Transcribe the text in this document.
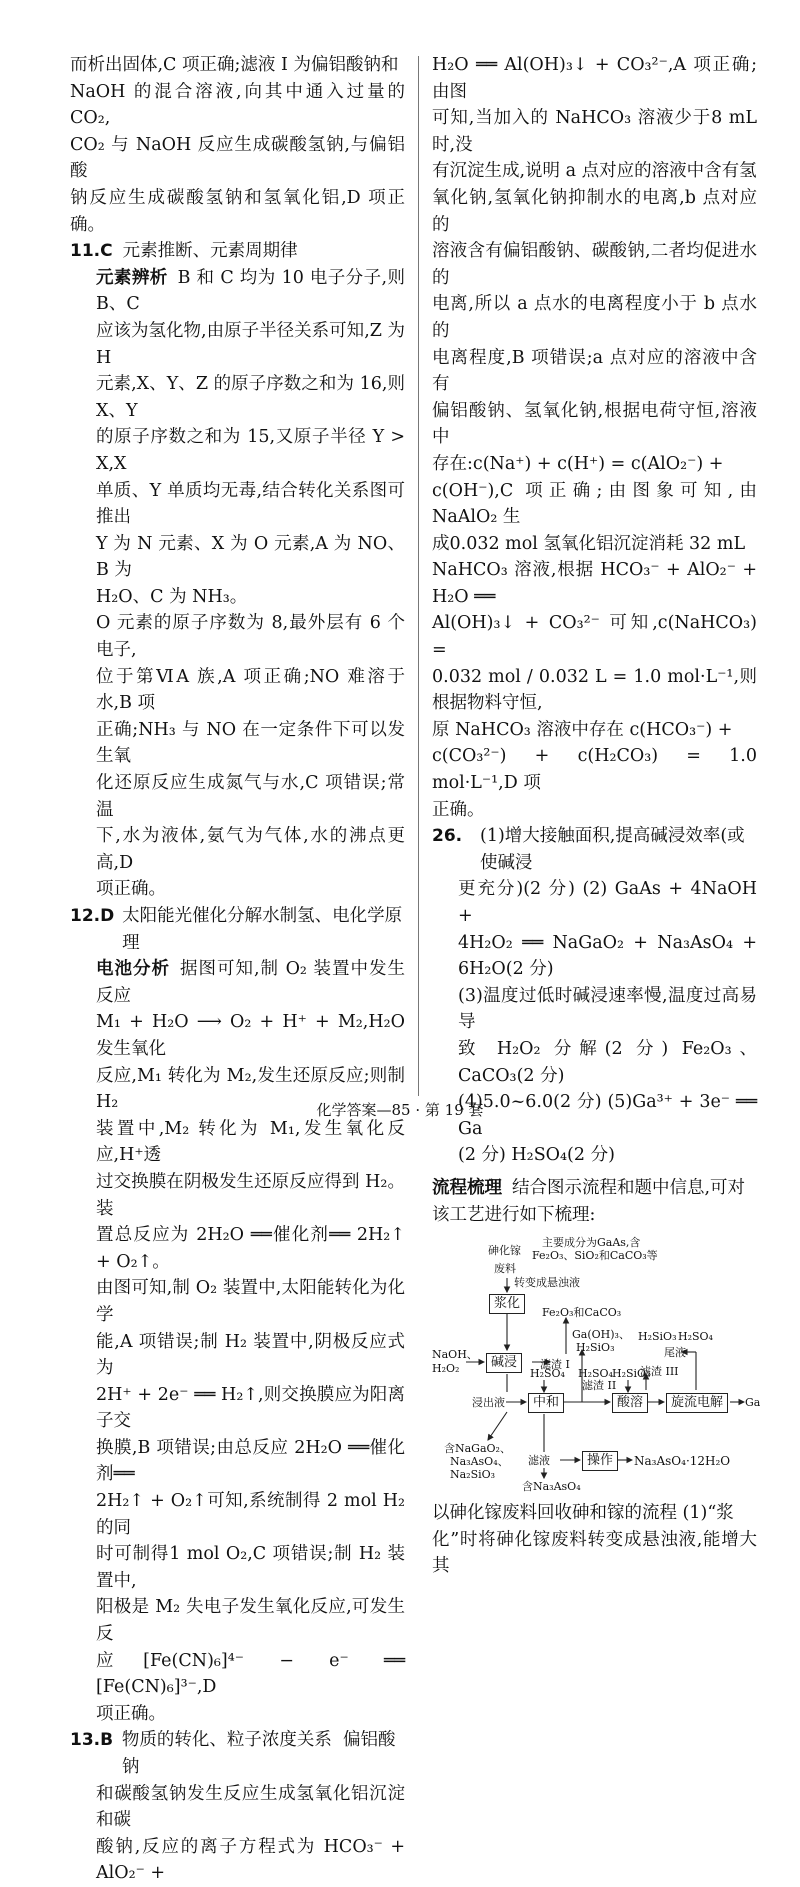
而析出固体,C 项正确;滤液 I 为偏铝酸钠和

NaOH 的混合溶液,向其中通入过量的 CO₂,

CO₂ 与 NaOH 反应生成碳酸氢钠,与偏铝酸

钠反应生成碳酸氢钠和氢氧化铝,D 项正确。

11.C 元素推断、元素周期律

元素辨析 B 和 C 均为 10 电子分子,则 B、C

应该为氢化物,由原子半径关系可知,Z 为 H

元素,X、Y、Z 的原子序数之和为 16,则 X、Y

的原子序数之和为 15,又原子半径 Y > X,X

单质、Y 单质均无毒,结合转化关系图可推出

Y 为 N 元素、X 为 O 元素,A 为 NO、B 为

H₂O、C 为 NH₃。

O 元素的原子序数为 8,最外层有 6 个电子,

位于第ⅥA 族,A 项正确;NO 难溶于水,B 项

正确;NH₃ 与 NO 在一定条件下可以发生氧

化还原反应生成氮气与水,C 项错误;常温

下,水为液体,氨气为气体,水的沸点更高,D

项正确。

12.D 太阳能光催化分解水制氢、电化学原理

电池分析 据图可知,制 O₂ 装置中发生反应

M₁ + H₂O ⟶ O₂ + H⁺ + M₂,H₂O 发生氧化

反应,M₁ 转化为 M₂,发生还原反应;则制 H₂

装置中,M₂ 转化为 M₁,发生氧化反应,H⁺透

过交换膜在阴极发生还原反应得到 H₂。装

置总反应为 2H₂O ══催化剂══ 2H₂↑ + O₂↑。

由图可知,制 O₂ 装置中,太阳能转化为化学

能,A 项错误;制 H₂ 装置中,阴极反应式为

2H⁺ + 2e⁻ ══ H₂↑,则交换膜应为阳离子交

换膜,B 项错误;由总反应 2H₂O ══催化剂══

2H₂↑ + O₂↑可知,系统制得 2 mol H₂ 的同

时可制得1 mol O₂,C 项错误;制 H₂ 装置中,

阳极是 M₂ 失电子发生氧化反应,可发生反

应[Fe(CN)₆]⁴⁻ − e⁻ ══ [Fe(CN)₆]³⁻,D

项正确。

13.B 物质的转化、粒子浓度关系 偏铝酸钠

和碳酸氢钠发生反应生成氢氧化铝沉淀和碳

酸钠,反应的离子方程式为 HCO₃⁻ + AlO₂⁻ +

H₂O ══ Al(OH)₃↓ + CO₃²⁻,A 项正确;由图

可知,当加入的 NaHCO₃ 溶液少于8 mL时,没

有沉淀生成,说明 a 点对应的溶液中含有氢

氧化钠,氢氧化钠抑制水的电离,b 点对应的

溶液含有偏铝酸钠、碳酸钠,二者均促进水的

电离,所以 a 点水的电离程度小于 b 点水的

电离程度,B 项错误;a 点对应的溶液中含有

偏铝酸钠、氢氧化钠,根据电荷守恒,溶液中

存在:c(Na⁺) + c(H⁺) = c(AlO₂⁻) +

c(OH⁻),C 项正确;由图象可知,由 NaAlO₂ 生

成0.032 mol 氢氧化铝沉淀消耗 32 mL

NaHCO₃ 溶液,根据 HCO₃⁻ + AlO₂⁻ + H₂O ══

Al(OH)₃↓ + CO₃²⁻ 可知,c(NaHCO₃) =

0.032 mol / 0.032 L = 1.0 mol·L⁻¹,则根据物料守恒,

原 NaHCO₃ 溶液中存在 c(HCO₃⁻) +

c(CO₃²⁻) + c(H₂CO₃) = 1.0 mol·L⁻¹,D 项

正确。

26.	(1)增大接触面积,提高碱浸效率(或使碱浸

更充分)(2 分) (2) GaAs + 4NaOH +

4H₂O₂ ══ NaGaO₂ + Na₃AsO₄ + 6H₂O(2 分)

(3)温度过低时碱浸速率慢,温度过高易导

致 H₂O₂ 分解(2 分) Fe₂O₃、CaCO₃(2 分)

(4)5.0~6.0(2 分) (5)Ga³⁺ + 3e⁻ ══ Ga

(2 分) H₂SO₄(2 分)

流程梳理 结合图示流程和题中信息,可对

该工艺进行如下梳理:

主要成分为GaAs,含
Fe₂O₃、SiO₂和CaCO₃等
砷化镓
废料
转变成悬浊液
浆化
Fe₂O₃和CaCO₃
NaOH、
H₂O₂	碱浸	滤渣 I
Ga(OH)₃、
H₂SiO₃
H₂SiO₃ H₂SO₄
H₂SO₄ H₂SO₄ H₂SiO₃
滤渣 II
滤渣 III
尾液
浸出液	中和	酸溶	旋流电解	Ga
滤液	操作	Na₃AsO₄·12H₂O
含NaGaO₂、
Na₃AsO₄、
Na₂SiO₃
含Na₃AsO₄

以砷化镓废料回收砷和镓的流程 (1)“浆

化”时将砷化镓废料转变成悬浊液,能增大其

化学答案—85 · 第 19 套
